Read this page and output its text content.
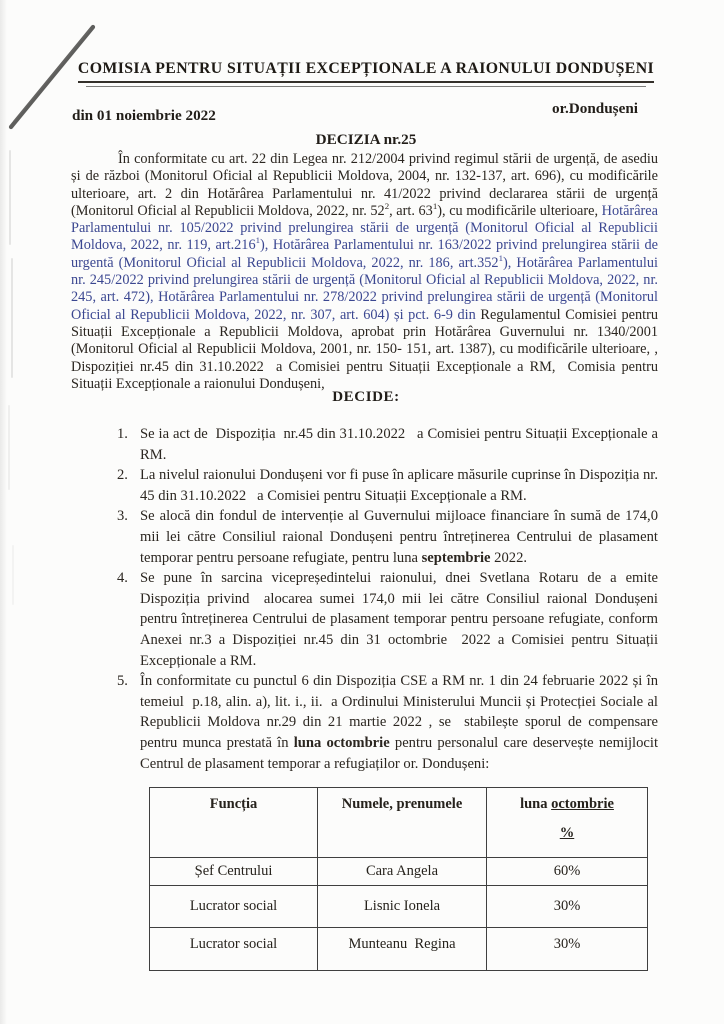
COMISIA PENTRU SITUAȚII EXCEPȚIONALE A RAIONULUI DONDUȘENI
din 01 noiembrie 2022	or.Dondușeni
DECIZIA nr.25

În conformitate cu art. 22 din Legea nr. 212/2004 privind regimul stării de urgență, de asediu și de război (Monitorul Oficial al Republicii Moldova, 2004, nr. 132-137, art. 696), cu modificările ulterioare, art. 2 din Hotărârea Parlamentului nr. 41/2022 privind declararea stării de urgență (Monitorul Oficial al Republicii Moldova, 2022, nr. $52^2$, art. $63^1$), cu modificările ulterioare, Hotărârea Parlamentului nr. 105/2022 privind prelungirea stării de urgență (Monitorul Oficial al Republicii Moldova, 2022, nr. 119, art.216$^1$), Hotărârea Parlamentului nr. 163/2022 privind prelungirea stării de urgentă (Monitorul Oficial al Republicii Moldova, 2022, nr. 186, art.352$^1$), Hotărârea Parlamentului nr. 245/2022 privind prelungirea stării de urgență (Monitorul Oficial al Republicii Moldova, 2022, nr. 245, art. 472), Hotărârea Parlamentului nr. 278/2022 privind prelungirea stării de urgență (Monitorul Oficial al Republicii Moldova, 2022, nr. 307, art. 604) și pct. 6-9 din Regulamentul Comisiei pentru Situații Excepționale a Republicii Moldova, aprobat prin Hotărârea Guvernului nr. 1340/2001 (Monitorul Oficial al Republicii Moldova, 2001, nr. 150- 151, art. 1387), cu modificările ulterioare, , Dispoziției nr.45 din 31.10.2022  a Comisiei pentru Situații Excepționale a RM,  Comisia pentru Situații Excepționale a raionului Dondușeni,

DECIDE:
1. Se ia act de  Dispoziția  nr.45 din 31.10.2022   a Comisiei pentru Situații Excepționale a RM.
2. La nivelul raionului Dondușeni vor fi puse în aplicare măsurile cuprinse în Dispoziția nr. 45 din 31.10.2022   a Comisiei pentru Situații Excepționale a RM.
3. Se alocă din fondul de intervenție al Guvernului mijloace financiare în sumă de 174,0 mii lei către Consiliul raional Dondușeni pentru întreținerea Centrului de plasament temporar pentru persoane refugiate, pentru luna septembrie 2022.
4. Se pune în sarcina vicepreședintelui raionului, dnei Svetlana Rotaru de a emite Dispoziția privind  alocarea sumei 174,0 mii lei către Consiliul raional Dondușeni pentru întreținerea Centrului de plasament temporar pentru persoane refugiate, conform Anexei nr.3 a Dispoziției nr.45 din 31 octombrie  2022 a Comisiei pentru Situații Excepționale a RM.
5. În conformitate cu punctul 6 din Dispoziția CSE a RM nr. 1 din 24 februarie 2022 și în temeiul  p.18, alin. a), lit. i., ii.  a Ordinului Ministerului Muncii și Protecției Sociale al Republicii Moldova nr.29 din 21 martie 2022 , se  stabilește sporul de compensare pentru munca prestată în luna octombrie pentru personalul care deservește nemijlocit Centrul de plasament temporar a refugiaților or. Dondușeni:
Funcția	Numele, prenumele	luna octombrie
%

Șef Centrului	Cara Angela	60%
Lucrator social	Lisnic Ionela	30%
Lucrator social	Munteanu  Regina	30%
